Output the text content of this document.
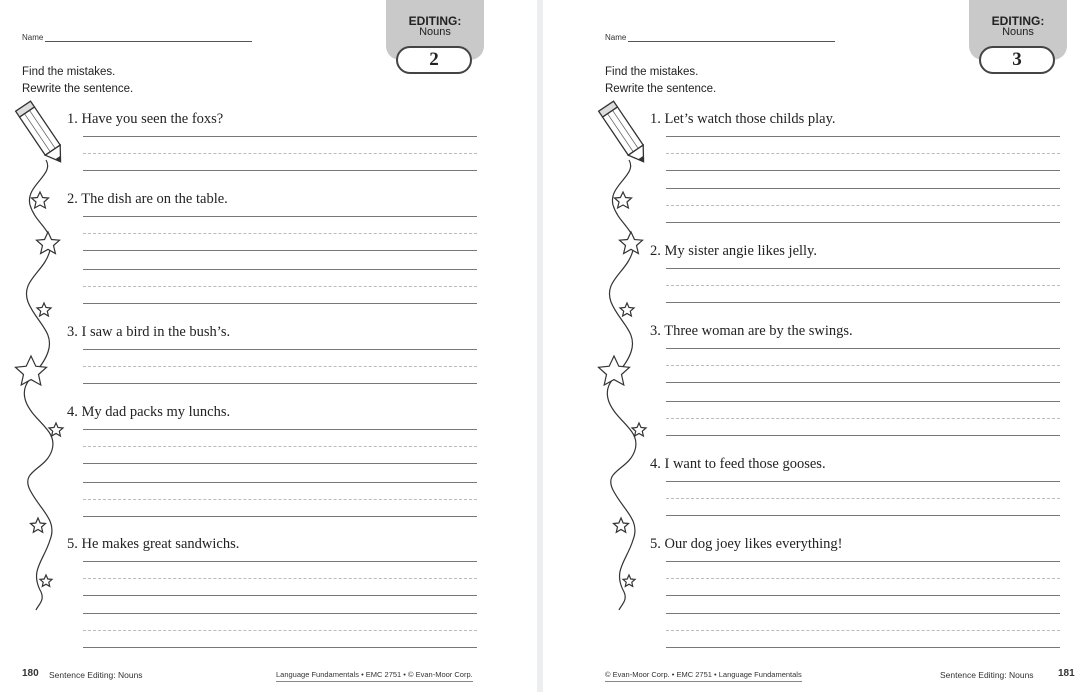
Name
EDITING:
Nouns
2
Find the mistakes.
Rewrite the sentence.
1. Have you seen the foxs?
2. The dish are on the table.
3. I saw a bird in the bush’s.
4. My dad packs my lunchs.
5. He makes great sandwichs.
180 Sentence Editing: Nouns	Language Fundamentals • EMC 2751 • © Evan-Moor Corp.
Name
EDITING:
Nouns
3
Find the mistakes.
Rewrite the sentence.
1. Let’s watch those childs play.
2. My sister angie likes jelly.
3. Three woman are by the swings.
4. I want to feed those gooses.
5. Our dog joey likes everything!
© Evan-Moor Corp. • EMC 2751 • Language Fundamentals	Sentence Editing: Nouns 181
